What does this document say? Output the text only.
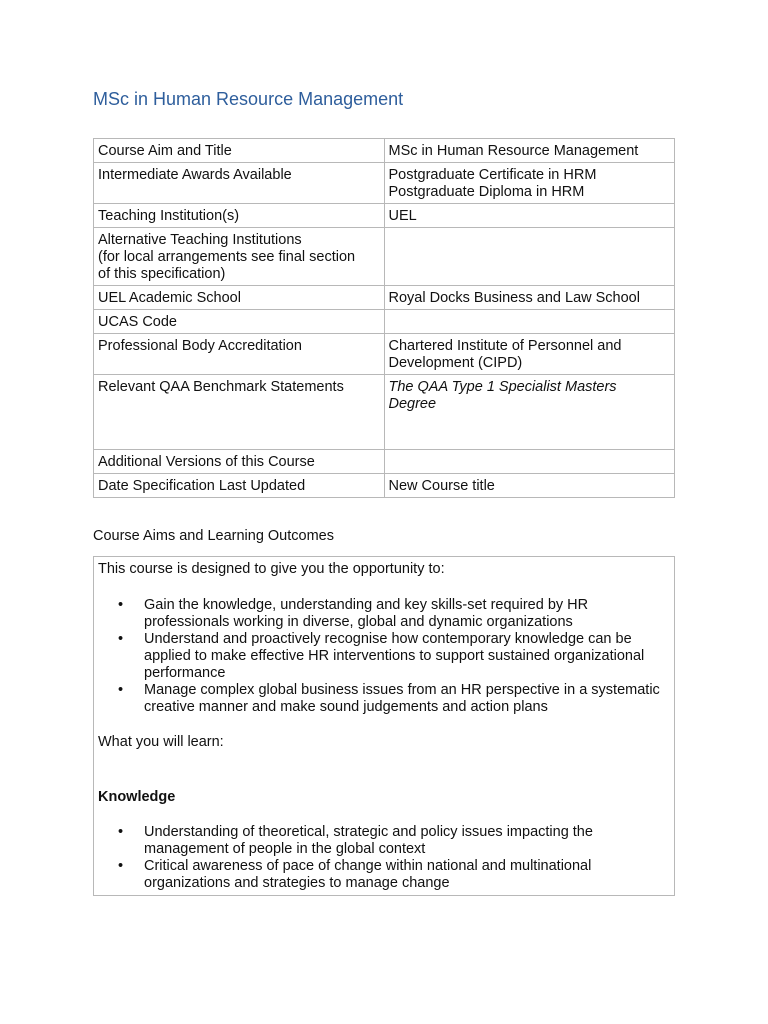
MSc in Human Resource Management
Course Aim and Title	MSc in Human Resource Management
Intermediate Awards Available	Postgraduate Certificate in HRM
Postgraduate Diploma in HRM
Teaching Institution(s)	UEL
Alternative Teaching Institutions
(for local arrangements see final section
of this specification)	
UEL Academic School	Royal Docks Business and Law School
UCAS Code	
Professional Body Accreditation	Chartered Institute of Personnel and
Development (CIPD)
Relevant QAA Benchmark Statements	The QAA Type 1 Specialist Masters
Degree
Additional Versions of this Course	
Date Specification Last Updated	New Course title
Course Aims and Learning Outcomes

This course is designed to give you the opportunity to:

• Gain the knowledge, understanding and key skills-set required by HR professionals working in diverse, global and dynamic organizations
• Understand and proactively recognise how contemporary knowledge can be applied to make effective HR interventions to support sustained organizational performance
• Manage complex global business issues from an HR perspective in a systematic creative manner and make sound judgements and action plans

What you will learn:

Knowledge

• Understanding of theoretical, strategic and policy issues impacting the management of people in the global context
• Critical awareness of pace of change within national and multinational organizations and strategies to manage change
